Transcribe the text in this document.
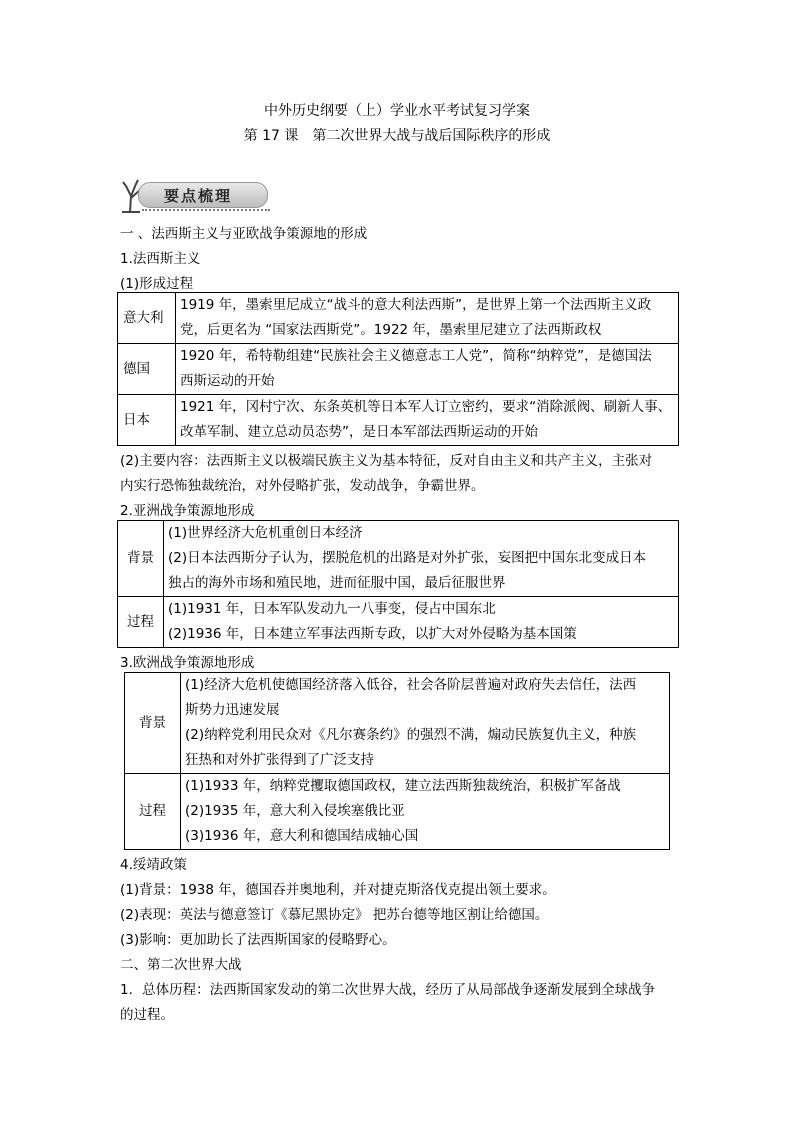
中外历史纲要（上）学业水平考试复习学案
第 17 课　第二次世界大战与战后国际秩序的形成
要点梳理
一 、法西斯主义与亚欧战争策源地的形成
1.法西斯主义
(1)形成过程
意大利	1919 年，墨索里尼成立“战斗的意大利法西斯”，是世界上第一个法西斯主义政
党，后更名为 “国家法西斯党”。1922 年，墨索里尼建立了法西斯政权

德国	1920 年，希特勒组建“民族社会主义德意志工人党”，简称“纳粹党”，是德国法
西斯运动的开始

日本	1921 年，冈村宁次、东条英机等日本军人订立密约，要求“消除派阀、刷新人事、
改革军制、建立总动员态势”，是日本军部法西斯运动的开始
(2)主要内容：法西斯主义以极端民族主义为基本特征，反对自由主义和共产主义，主张对
内实行恐怖独裁统治，对外侵略扩张，发动战争，争霸世界。
2.亚洲战争策源地形成
背景	(1)世界经济大危机重创日本经济
(2)日本法西斯分子认为，摆脱危机的出路是对外扩张，妄图把中国东北变成日本
独占的海外市场和殖民地，进而征服中国，最后征服世界

过程	(1)1931 年，日本军队发动九一八事变，侵占中国东北
(2)1936 年，日本建立军事法西斯专政，以扩大对外侵略为基本国策
3.欧洲战争策源地形成
背景	(1)经济大危机使德国经济落入低谷，社会各阶层普遍对政府失去信任，法西
斯势力迅速发展
(2)纳粹党利用民众对《凡尔赛条约》的强烈不满，煽动民族复仇主义，种族
狂热和对外扩张得到了广泛支持

过程	(1)1933 年，纳粹党攫取德国政权，建立法西斯独裁统治，积极扩军备战
(2)1935 年，意大利入侵埃塞俄比亚
(3)1936 年，意大利和德国结成轴心国
4.绥靖政策
(1)背景：1938 年，德国吞并奥地利，并对捷克斯洛伐克提出领土要求。
(2)表现：英法与德意签订《慕尼黑协定》 把苏台德等地区割让给德国。
(3)影响：更加助长了法西斯国家的侵略野心。
二、第二次世界大战
1．总体历程：法西斯国家发动的第二次世界大战，经历了从局部战争逐渐发展到全球战争
的过程。
